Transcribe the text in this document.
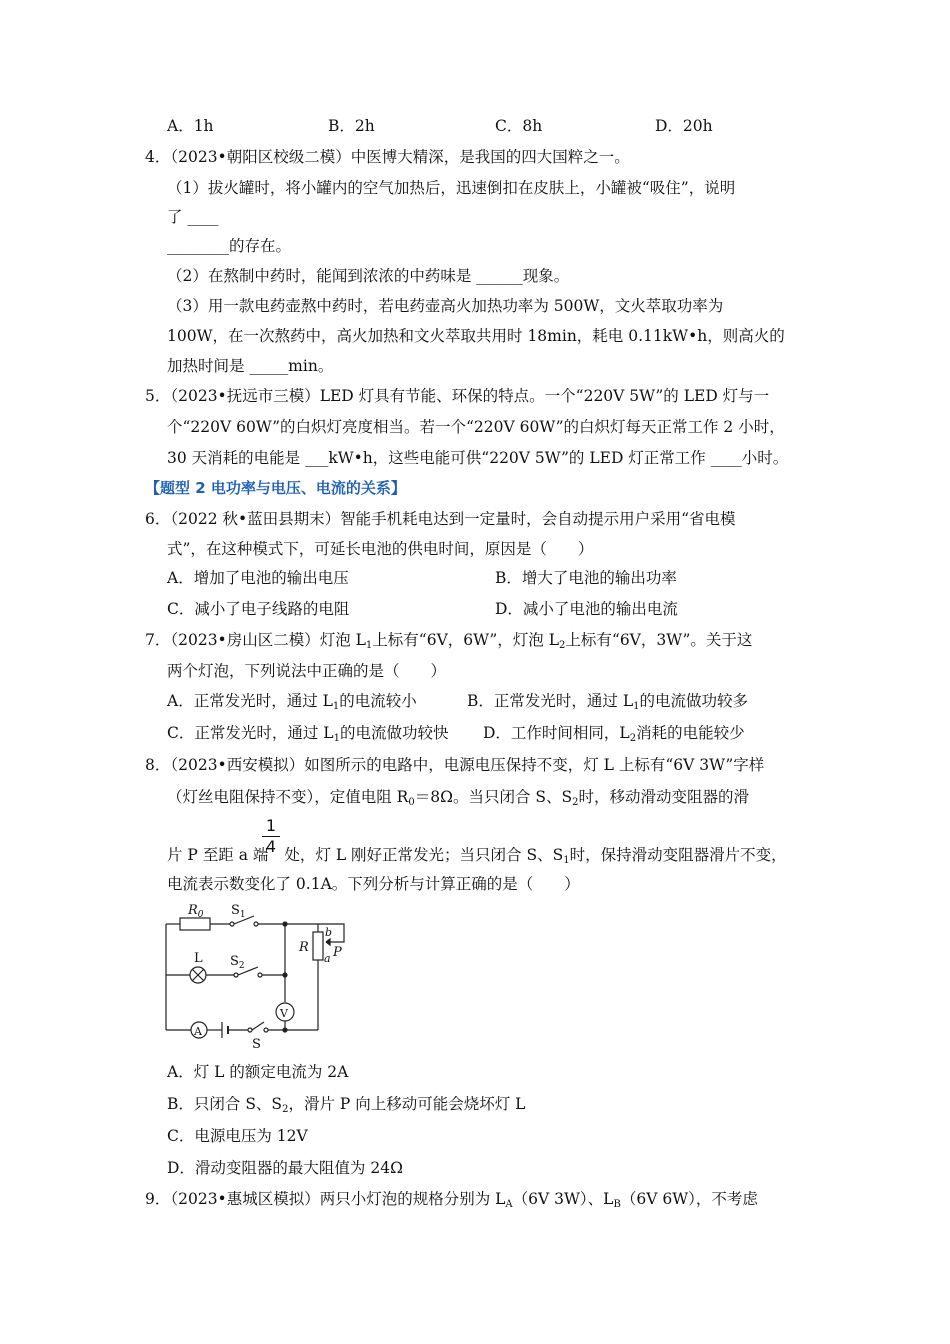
A．1h	B．2h	C．8h	D．20h
4．（2023•朝阳区校级二模）中医博大精深，是我国的四大国粹之一。
（1）拔火罐时，将小罐内的空气加热后，迅速倒扣在皮肤上，小罐被“吸住”，说明
了 ____
________的存在。
（2）在熬制中药时，能闻到浓浓的中药味是 ______现象。
（3）用一款电药壶熬中药时，若电药壶高火加热功率为 500W，文火萃取功率为
100W，在一次熬药中，高火加热和文火萃取共用时 18min，耗电 0.11kW•h，则高火的
加热时间是 _____min。
5．（2023•抚远市三模）LED 灯具有节能、环保的特点。一个“220V 5W”的 LED 灯与一
个“220V 60W”的白炽灯亮度相当。若一个“220V 60W”的白炽灯每天正常工作 2 小时，
30 天消耗的电能是 ___kW•h，这些电能可供“220V 5W”的 LED 灯正常工作 ____小时。
【题型 2 电功率与电压、电流的关系】
6．（2022 秋•蓝田县期末）智能手机耗电达到一定量时，会自动提示用户采用“省电模
式”，在这种模式下，可延长电池的供电时间，原因是（　　）
A．增加了电池的输出电压	B．增大了电池的输出功率
C．减小了电子线路的电阻	D．减小了电池的输出电流
7．（2023•房山区二模）灯泡 $L_1$上标有“6V，6W”，灯泡 $L_2$上标有“6V，3W”。关于这
两个灯泡，下列说法中正确的是（　　）
A．正常发光时，通过 $L_1$的电流较小	B．正常发光时，通过 $L_1$的电流做功较多
C．正常发光时，通过 $L_1$的电流做功较快 D．工作时间相同，$L_2$消耗的电能较少
8．（2023•西安模拟）如图所示的电路中，电源电压保持不变，灯 L 上标有“6V 3W”字样
（灯丝电阻保持不变），定值电阻 $R_0=8\Omega$。当只闭合 S、$S_2$时，移动滑动变阻器的滑
1
4
片 P 至距 a 端 处，灯 L 刚好正常发光；当只闭合 S、$S_1$时，保持滑动变阻器滑片不变，
电流表示数变化了 0.1A。下列分析与计算正确的是（　　）
$R_0$ $S_1$
L $S_2$
R
b
a P
V
A
S
A．灯 L 的额定电流为 2A
B．只闭合 S、$S_2$，滑片 P 向上移动可能会烧坏灯 L
C．电源电压为 12V
D．滑动变阻器的最大阻值为 24Ω
9．（2023•惠城区模拟）两只小灯泡的规格分别为 $L_A(6V$ 3W）、$L_B(6V$ 6W），不考虑
